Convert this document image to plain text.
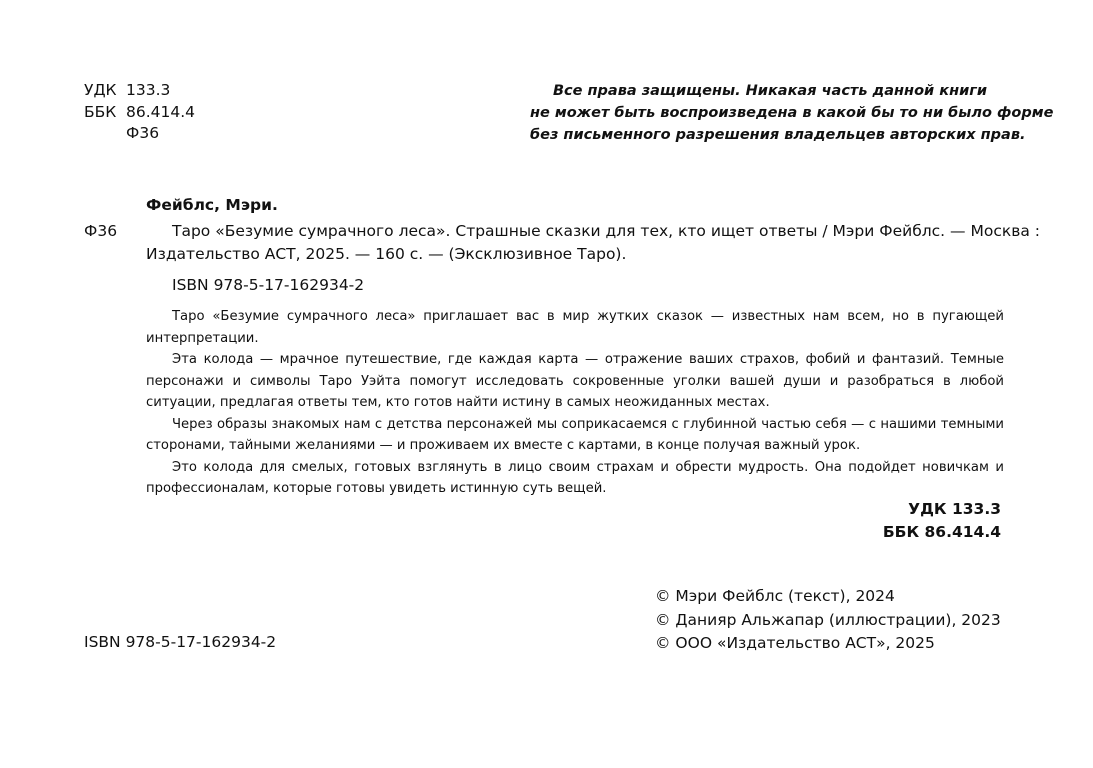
УДК 133.3
ББК 86.414.4
Ф36
Все права защищены. Никакая часть данной книги
не может быть воспроизведена в какой бы то ни было форме
без письменного разрешения владельцев авторских прав.
Фейблс, Мэри.
Ф36	Таро «Безумие сумрачного леса». Страшные сказки для тех, кто ищет ответы / Мэри Фейблс. — Москва :
Издательство АСТ, 2025. — 160 с. — (Эксклюзивное Таро).
ISBN 978-5-17-162934-2

Таро «Безумие сумрачного леса» приглашает вас в мир жутких сказок — известных нам всем, но в пугающей интерпретации.

Эта колода — мрачное путешествие, где каждая карта — отражение ваших страхов, фобий и фантазий. Темные персонажи и символы Таро Уэйта помогут исследовать сокровенные уголки вашей души и разобраться в любой ситуации, предлагая ответы тем, кто готов найти истину в самых неожиданных местах.

Через образы знакомых нам с детства персонажей мы соприкасаемся с глубинной частью себя — с нашими темными сторонами, тайными желаниями — и проживаем их вместе с картами, в конце получая важный урок.

Это колода для смелых, готовых взглянуть в лицо своим страхам и обрести мудрость. Она подойдет новичкам и профессионалам, которые готовы увидеть истинную суть вещей.

УДК 133.3
ББК 86.414.4
© Мэри Фейблс (текст), 2024
© Данияр Альжапар (иллюстрации), 2023
© ООО «Издательство АСТ», 2025
ISBN 978-5-17-162934-2
